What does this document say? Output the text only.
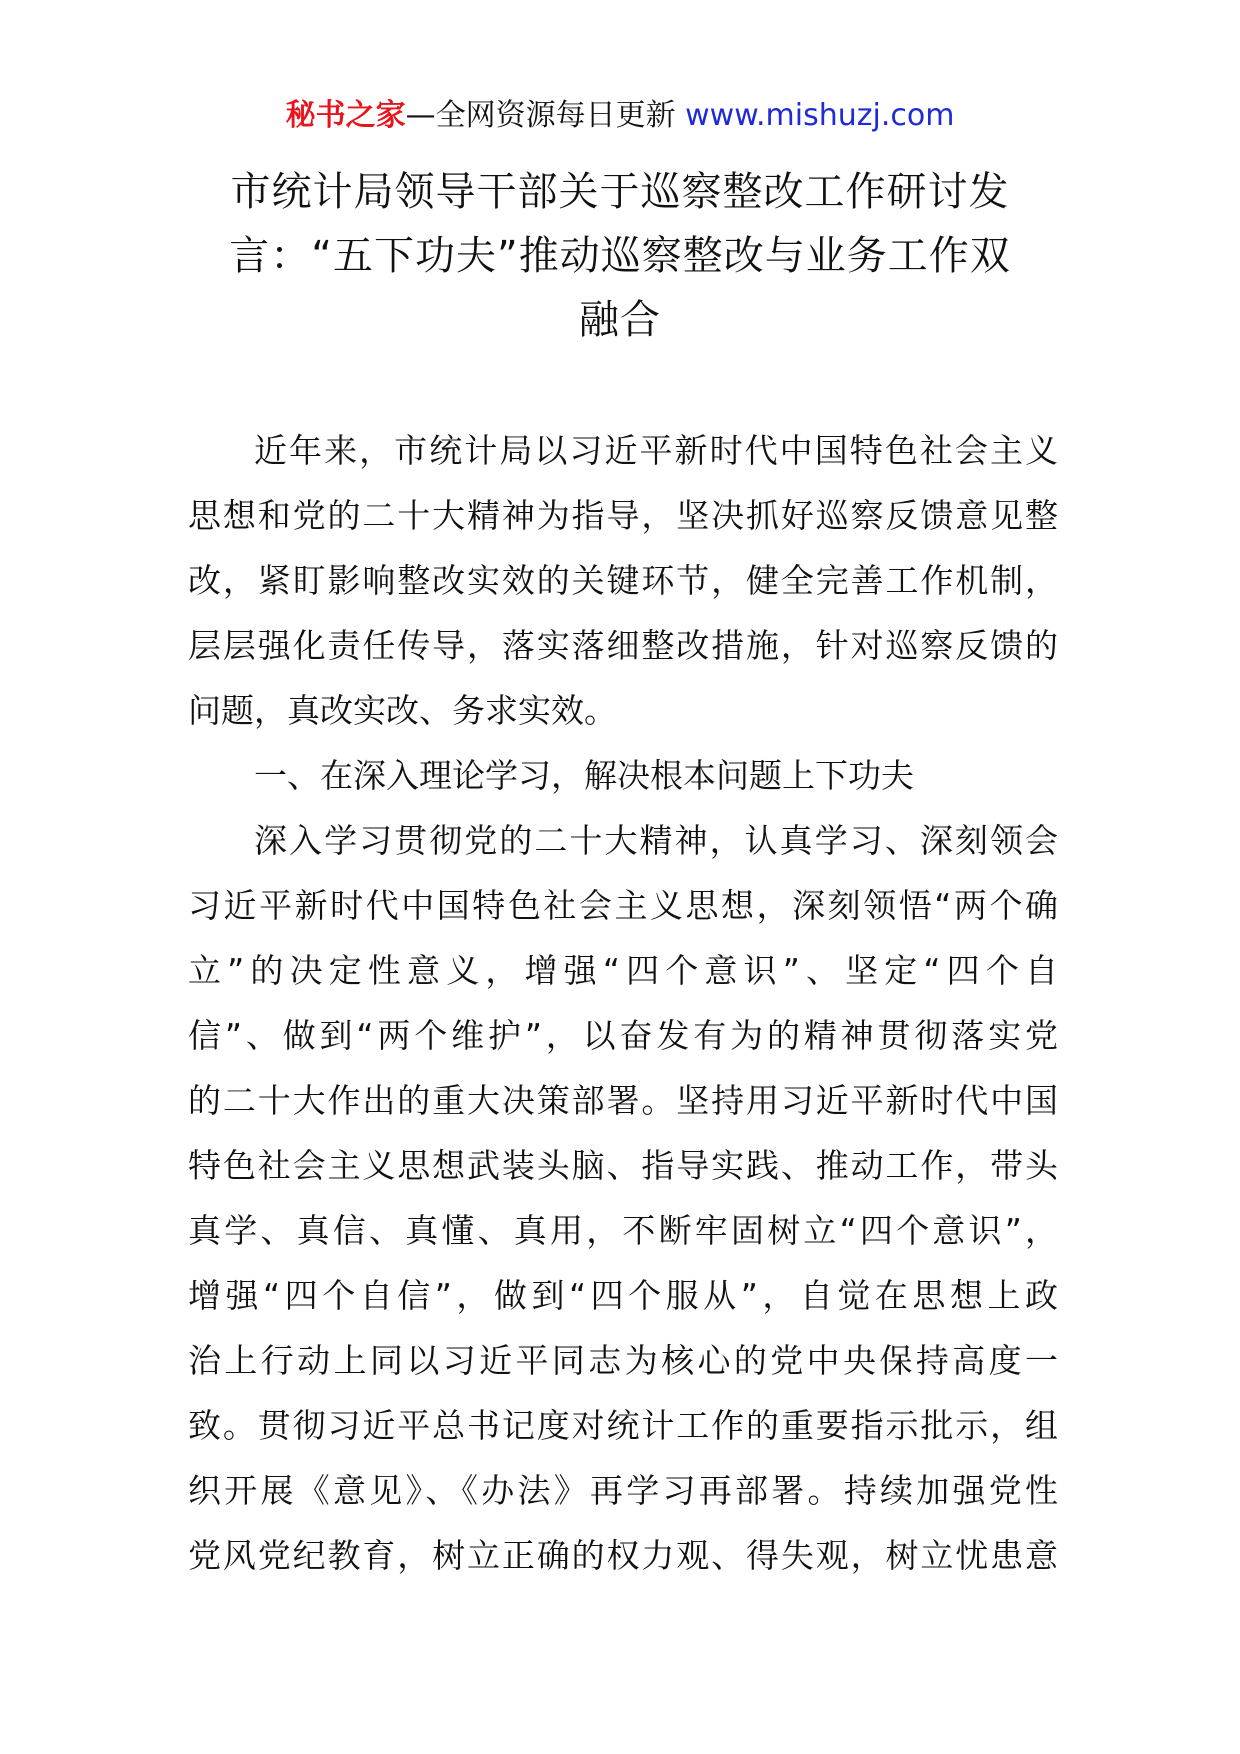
秘书之家—全网资源每日更新 www.mishuzj.com
市统计局领导干部关于巡察整改工作研讨发
言：“五下功夫”推动巡察整改与业务工作双
融合
近年来，市统计局以习近平新时代中国特色社会主义
思想和党的二十大精神为指导，坚决抓好巡察反馈意见整
改，紧盯影响整改实效的关键环节，健全完善工作机制，
层层强化责任传导，落实落细整改措施，针对巡察反馈的
问题，真改实改、务求实效。
一、在深入理论学习，解决根本问题上下功夫
深入学习贯彻党的二十大精神，认真学习、深刻领会
习近平新时代中国特色社会主义思想，深刻领悟“两个确
立”的决定性意义，增强“四个意识”、坚定“四个自
信”、做到“两个维护”，以奋发有为的精神贯彻落实党
的二十大作出的重大决策部署。坚持用习近平新时代中国
特色社会主义思想武装头脑、指导实践、推动工作，带头
真学、真信、真懂、真用，不断牢固树立“四个意识”，
增强“四个自信”，做到“四个服从”，自觉在思想上政
治上行动上同以习近平同志为核心的党中央保持高度一
致。贯彻习近平总书记度对统计工作的重要指示批示，组
织开展《意见》、《办法》再学习再部署。持续加强党性
党风党纪教育，树立正确的权力观、得失观，树立忧患意
